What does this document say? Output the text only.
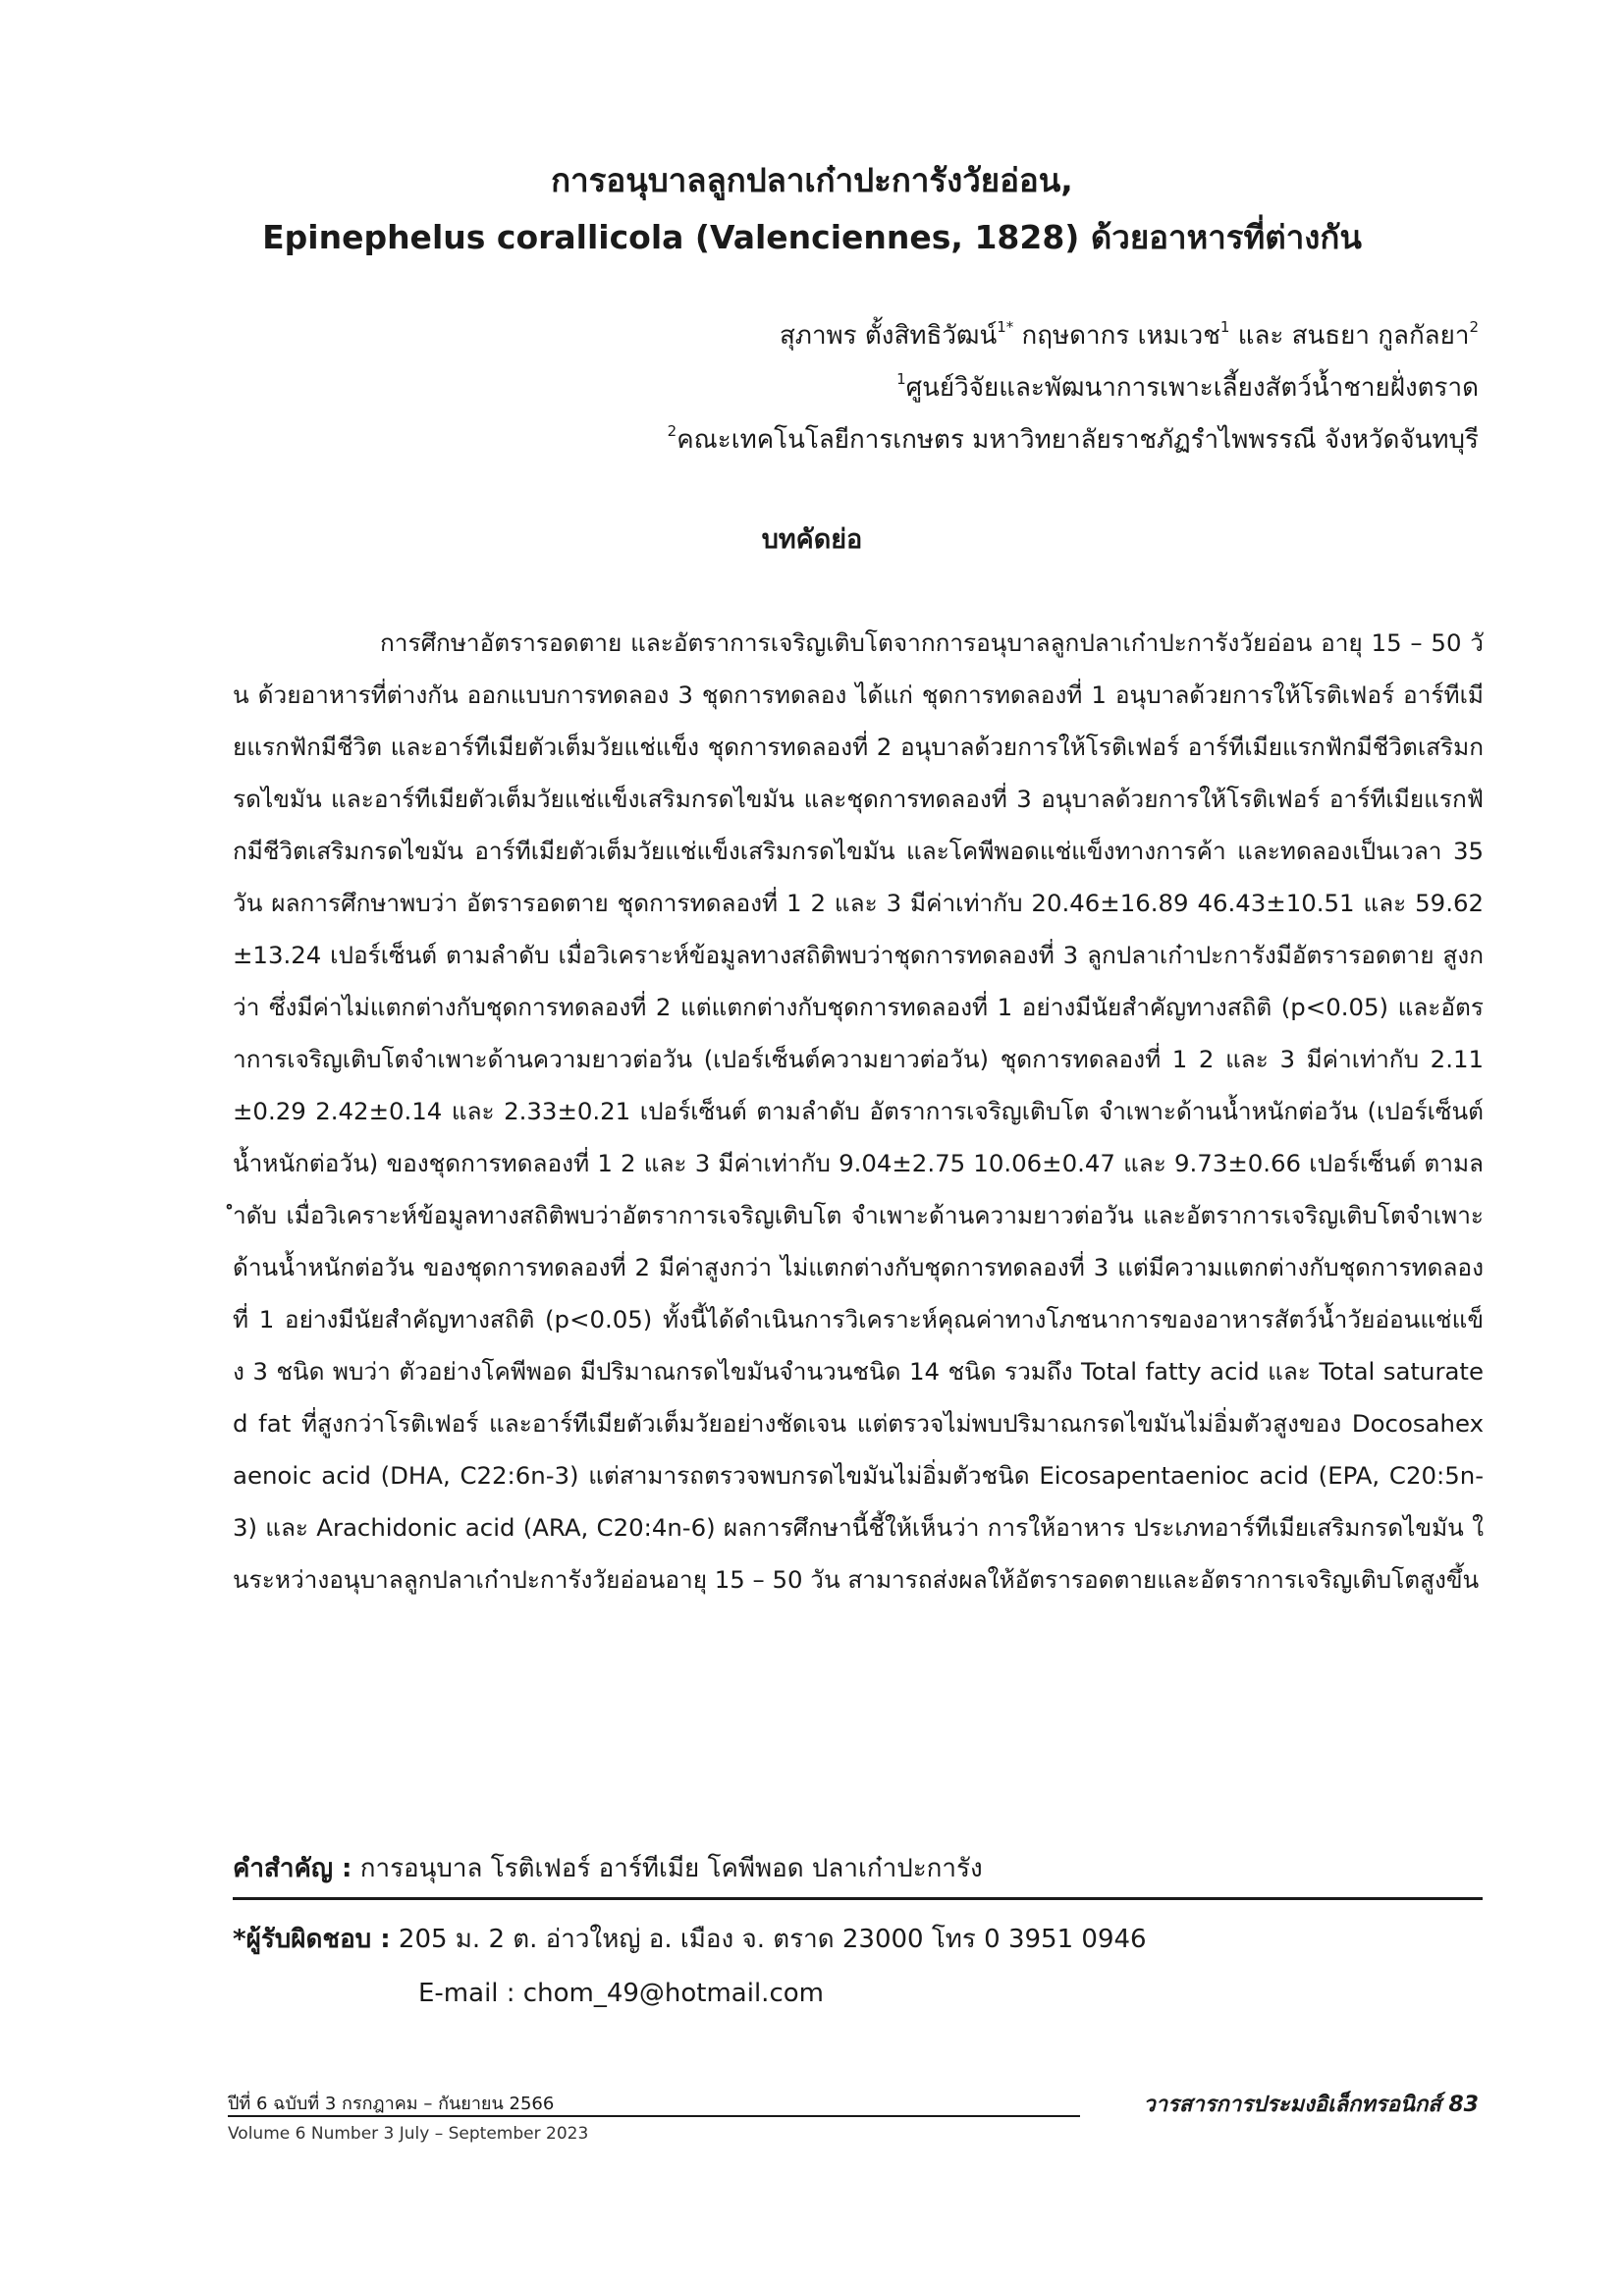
การอนุบาลลูกปลาเก๋าปะการังวัยอ่อน,
Epinephelus corallicola (Valenciennes, 1828) ด้วยอาหารที่ต่างกัน
สุภาพร ตั้งสิทธิวัฒน์$^{1*}$ กฤษดากร เหมเวช$^1$ และ สนธยา กูลกัลยา$^2$
$^1$ศูนย์วิจัยและพัฒนาการเพาะเลี้ยงสัตว์น้ำชายฝั่งตราด
$^2$คณะเทคโนโลยีการเกษตร มหาวิทยาลัยราชภัฏรำไพพรรณี จังหวัดจันทบุรี
บทคัดย่อ

การศึกษาอัตรารอดตาย และอัตราการเจริญเติบโตจากการอนุบาลลูกปลาเก๋าปะการังวัยอ่อน อายุ 15 – 50 วัน ด้วยอาหารที่ต่างกัน ออกแบบการทดลอง 3 ชุดการทดลอง ได้แก่ ชุดการทดลองที่ 1 อนุบาลด้วยการให้โรติเฟอร์ อาร์ทีเมียแรกฟักมีชีวิต และอาร์ทีเมียตัวเต็มวัยแช่แข็ง ชุดการทดลองที่ 2 อนุบาลด้วยการให้โรติเฟอร์ อาร์ทีเมียแรกฟักมีชีวิตเสริมกรดไขมัน และอาร์ทีเมียตัวเต็มวัยแช่แข็งเสริมกรดไขมัน และชุดการทดลองที่ 3 อนุบาลด้วยการให้โรติเฟอร์ อาร์ทีเมียแรกฟักมีชีวิตเสริมกรดไขมัน อาร์ทีเมียตัวเต็มวัยแช่แข็งเสริมกรดไขมัน และโคพีพอดแช่แข็งทางการค้า และทดลองเป็นเวลา 35 วัน ผลการศึกษาพบว่า อัตรารอดตาย ชุดการทดลองที่ 1 2 และ 3 มีค่าเท่ากับ 20.46±16.89 46.43±10.51 และ 59.62±13.24 เปอร์เซ็นต์ ตามลำดับ เมื่อวิเคราะห์ข้อมูลทางสถิติพบว่าชุดการทดลองที่ 3 ลูกปลาเก๋าปะการังมีอัตรารอดตาย สูงกว่า ซึ่งมีค่าไม่แตกต่างกับชุดการทดลองที่ 2 แต่แตกต่างกับชุดการทดลองที่ 1 อย่างมีนัยสำคัญทางสถิติ (p<0.05) และอัตราการเจริญเติบโตจำเพาะด้านความยาวต่อวัน (เปอร์เซ็นต์ความยาวต่อวัน) ชุดการทดลองที่ 1 2 และ 3 มีค่าเท่ากับ 2.11±0.29 2.42±0.14 และ 2.33±0.21 เปอร์เซ็นต์ ตามลำดับ อัตราการเจริญเติบโต จำเพาะด้านน้ำหนักต่อวัน (เปอร์เซ็นต์น้ำหนักต่อวัน) ของชุดการทดลองที่ 1 2 และ 3 มีค่าเท่ากับ 9.04±2.75 10.06±0.47 และ 9.73±0.66 เปอร์เซ็นต์ ตามลำดับ เมื่อวิเคราะห์ข้อมูลทางสถิติพบว่าอัตราการเจริญเติบโต จำเพาะด้านความยาวต่อวัน และอัตราการเจริญเติบโตจำเพาะด้านน้ำหนักต่อวัน ของชุดการทดลองที่ 2 มีค่าสูงกว่า ไม่แตกต่างกับชุดการทดลองที่ 3 แต่มีความแตกต่างกับชุดการทดลองที่ 1 อย่างมีนัยสำคัญทางสถิติ (p<0.05) ทั้งนี้ได้ดำเนินการวิเคราะห์คุณค่าทางโภชนาการของอาหารสัตว์น้ำวัยอ่อนแช่แข็ง 3 ชนิด พบว่า ตัวอย่างโคพีพอด มีปริมาณกรดไขมันจำนวนชนิด 14 ชนิด รวมถึง Total fatty acid และ Total saturated fat ที่สูงกว่าโรติเฟอร์ และอาร์ทีเมียตัวเต็มวัยอย่างชัดเจน แต่ตรวจไม่พบปริมาณกรดไขมันไม่อิ่มตัวสูงของ Docosahexaenoic acid (DHA, C22:6n-3) แต่สามารถตรวจพบกรดไขมันไม่อิ่มตัวชนิด Eicosapentaenioc acid (EPA, C20:5n-3) และ Arachidonic acid (ARA, C20:4n-6) ผลการศึกษานี้ชี้ให้เห็นว่า การให้อาหาร ประเภทอาร์ทีเมียเสริมกรดไขมัน ในระหว่างอนุบาลลูกปลาเก๋าปะการังวัยอ่อนอายุ 15 – 50 วัน สามารถส่งผลให้อัตรารอดตายและอัตราการเจริญเติบโตสูงขึ้น

คำสำคัญ : การอนุบาล โรติเฟอร์ อาร์ทีเมีย โคพีพอด ปลาเก๋าปะการัง
*ผู้รับผิดชอบ : 205 ม. 2 ต. อ่าวใหญ่ อ. เมือง จ. ตราด 23000 โทร 0 3951 0946
E-mail : chom_49@hotmail.com
ปีที่ 6 ฉบับที่ 3 กรกฎาคม – กันยายน 2566	วารสารการประมงอิเล็กทรอนิกส์ 83
Volume 6 Number 3 July – September 2023
